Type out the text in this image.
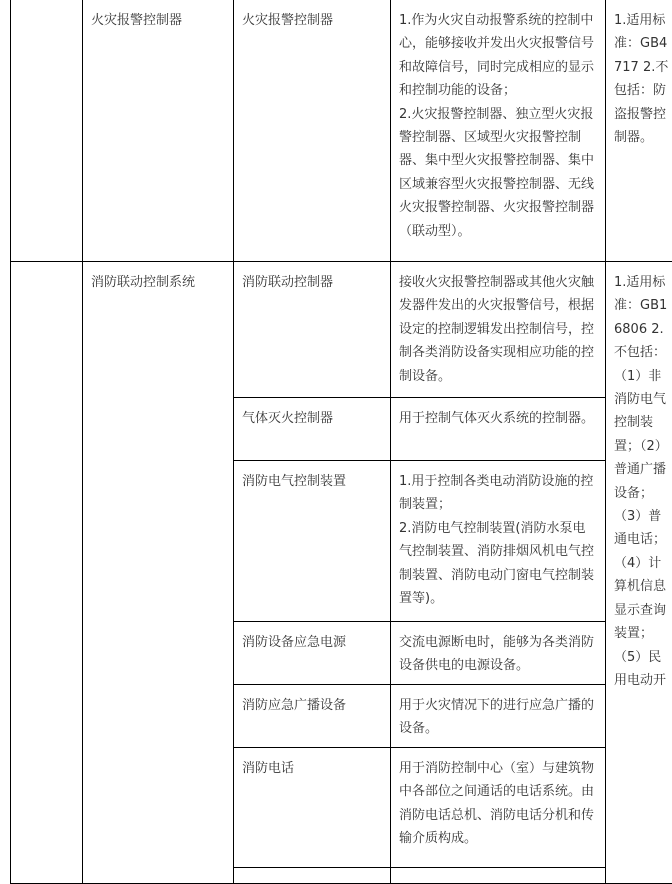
	火灾报警控制器	火灾报警控制器	1.作为火灾自动报警系统的控制中心，能够接收并发出火灾报警信号和故障信号，同时完成相应的显示和控制功能的设备；
2.火灾报警控制器、独立型火灾报警控制器、区域型火灾报警控制器、集中型火灾报警控制器、集中区域兼容型火灾报警控制器、无线火灾报警控制器、火灾报警控制器（联动型）。	1.适用标准：GB4717 2.不包括：防盗报警控制器。

	消防联动控制系统	消防联动控制器	接收火灾报警控制器或其他火灾触发器件发出的火灾报警信号，根据设定的控制逻辑发出控制信号，控制各类消防设备实现相应功能的控制设备。	1.适用标准：GB16806 2.不包括：（1）非消防电气控制装置；（2）普通广播设备；（3）普通电话；（4）计算机信息显示查询装置；（5）民用电动开

		气体灭火控制器	用于控制气体灭火系统的控制器。	

		消防电气控制装置	1.用于控制各类电动消防设施的控制装置；
2.消防电气控制装置(消防水泵电气控制装置、消防排烟风机电气控制装置、消防电动门窗电气控制装置等)。	

		消防设备应急电源	交流电源断电时，能够为各类消防设备供电的电源设备。	

		消防应急广播设备	用于火灾情况下的进行应急广播的设备。	

		消防电话	用于消防控制中心（室）与建筑物中各部位之间通话的电话系统。由消防电话总机、消防电话分机和传输介质构成。	
